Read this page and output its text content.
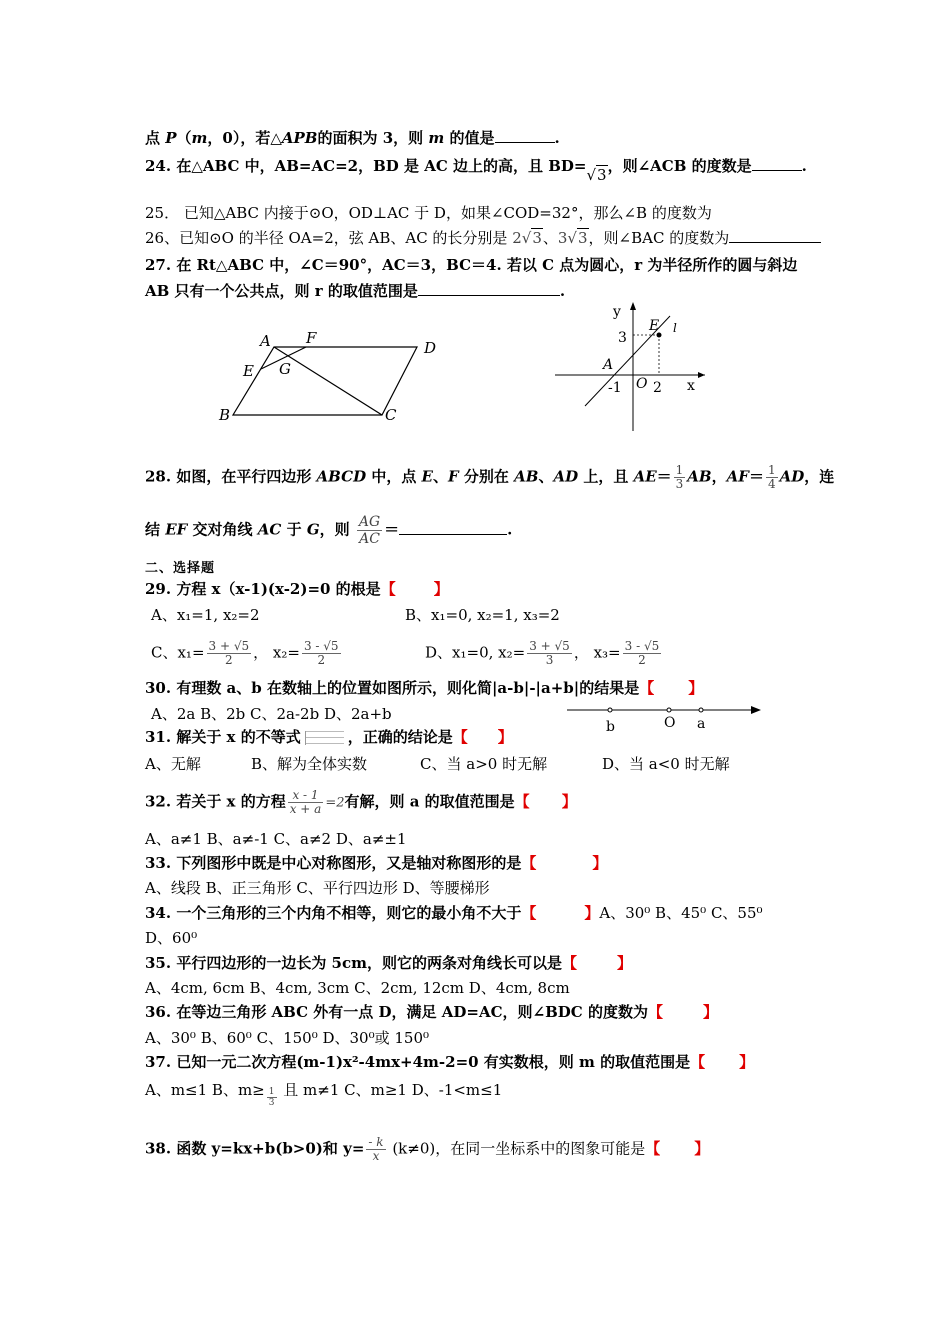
点 P（m，0），若△APB的面积为 3，则 m 的值是	.
24. 在△ABC 中，AB=AC=2，BD 是 AC 边上的高，且 BD=√3，则∠ACB 的度数是	.
25． 已知△ABC 内接于⊙O，OD⊥AC 于 D，如果∠COD=32°，那么∠B 的度数为
26、已知⊙O 的半径 OA=2，弦 AB、AC 的长分别是 2√3、3√3，则∠BAC 的度数为
27. 在 Rt△ABC 中，∠C＝90°，AC＝3，BC＝4. 若以 C 点为圆心，r 为半径所作的圆与斜边
AB 只有一个公共点，则 r 的取值范围是	.
A F
D
E G
B	C
y
3
E l
A
-1 O 2 x
28. 如图，在平行四边形 ABCD 中，点 E、F 分别在 AB、AD 上，且 $AE= \frac{1}{3}$ AB，$AF= \frac{1}{4}$ AD，连
结 EF 交对角线 AC 于 G，则 $\frac{AG}{AC}$ ＝	.
二、选择题
29. 方程 x（x-1)(x-2)=0 的根是【	】
A、x₁=1, x₂=2	B、x₁=0, x₂=1, x₃=2
C、$x_1= \frac{3 + √5}{2}$ ， $x_2= \frac{3 - √5}{2}$	D、x₁=0, $x_2= \frac{3 + √5}{3}$ ， $x_3= \frac{3 - √5}{2}$
30. 有理数 a、b 在数轴上的位置如图所示，则化简|a-b|-|a+b|的结果是【 】
A、2a B、2b C、2a-2b D、2a+b
b	O a
31. 解关于 x 的不等式	，正确的结论是【 】
A、无解	B、解为全体实数	C、当 a>0 时无解	D、当 a<0 时无解
32. 若关于 x 的方程 $\frac{x - 1}{x + a} =2$有解，则 a 的取值范围是【 】
A、a≠1 B、a≠-1 C、a≠2 D、a≠±1
33. 下列图形中既是中心对称图形，又是轴对称图形的是【	】
A、线段 B、正三角形 C、平行四边形 D、等腰梯形
34. 一个三角形的三个内角不相等，则它的最小角不大于【	】A、30⁰ B、45⁰ C、55⁰
D、60⁰
35. 平行四边形的一边长为 5cm，则它的两条对角线长可以是【	】
A、4cm, 6cm B、4cm, 3cm C、2cm, 12cm D、4cm, 8cm
36. 在等边三角形 ABC 外有一点 D，满足 AD=AC，则∠BDC 的度数为【	】
A、30⁰ B、60⁰ C、150⁰ D、30⁰或 150⁰
37. 已知一元二次方程(m-1)x²-4mx+4m-2=0 有实数根，则 m 的取值范围是【 】
A、m≤1 B、$m\ge \frac{1}{3}$ 且 m≠1 C、m≥1 D、-1<m≤1
38. 函数 y=kx+b(b>0)和 $y= \frac{- k}{x} (k\ne 0)$，在同一坐标系中的图象可能是【 】
